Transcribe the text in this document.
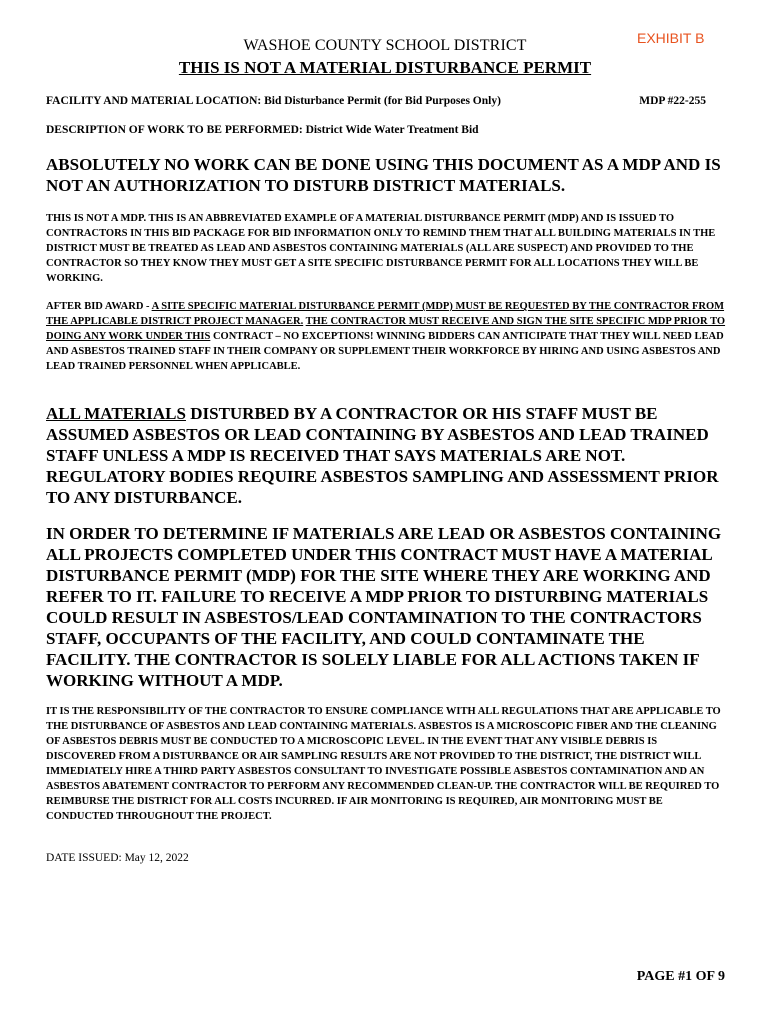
EXHIBIT B
WASHOE COUNTY SCHOOL DISTRICT
THIS IS NOT A MATERIAL DISTURBANCE PERMIT
FACILITY AND MATERIAL LOCATION: Bid Disturbance Permit (for Bid Purposes Only)	MDP #22-255
DESCRIPTION OF WORK TO BE PERFORMED: District Wide Water Treatment Bid
ABSOLUTELY NO WORK CAN BE DONE USING THIS DOCUMENT AS A MDP AND IS NOT AN AUTHORIZATION TO DISTURB DISTRICT MATERIALS.
THIS IS NOT A MDP. THIS IS AN ABBREVIATED EXAMPLE OF A MATERIAL DISTURBANCE PERMIT (MDP) AND IS ISSUED TO CONTRACTORS IN THIS BID PACKAGE FOR BID INFORMATION ONLY TO REMIND THEM THAT ALL BUILDING MATERIALS IN THE DISTRICT MUST BE TREATED AS LEAD AND ASBESTOS CONTAINING MATERIALS (ALL ARE SUSPECT) AND PROVIDED TO THE CONTRACTOR SO THEY KNOW THEY MUST GET A SITE SPECIFIC DISTURBANCE PERMIT FOR ALL LOCATIONS THEY WILL BE WORKING.
AFTER BID AWARD - A SITE SPECIFIC MATERIAL DISTURBANCE PERMIT (MDP) MUST BE REQUESTED BY THE CONTRACTOR FROM THE APPLICABLE DISTRICT PROJECT MANAGER. THE CONTRACTOR MUST RECEIVE AND SIGN THE SITE SPECIFIC MDP PRIOR TO DOING ANY WORK UNDER THIS CONTRACT – NO EXCEPTIONS! WINNING BIDDERS CAN ANTICIPATE THAT THEY WILL NEED LEAD AND ASBESTOS TRAINED STAFF IN THEIR COMPANY OR SUPPLEMENT THEIR WORKFORCE BY HIRING AND USING ASBESTOS AND LEAD TRAINED PERSONNEL WHEN APPLICABLE.
ALL MATERIALS DISTURBED BY A CONTRACTOR OR HIS STAFF MUST BE ASSUMED ASBESTOS OR LEAD CONTAINING BY ASBESTOS AND LEAD TRAINED STAFF UNLESS A MDP IS RECEIVED THAT SAYS MATERIALS ARE NOT. REGULATORY BODIES REQUIRE ASBESTOS SAMPLING AND ASSESSMENT PRIOR TO ANY DISTURBANCE.
IN ORDER TO DETERMINE IF MATERIALS ARE LEAD OR ASBESTOS CONTAINING ALL PROJECTS COMPLETED UNDER THIS CONTRACT MUST HAVE A MATERIAL DISTURBANCE PERMIT (MDP) FOR THE SITE WHERE THEY ARE WORKING AND REFER TO IT. FAILURE TO RECEIVE A MDP PRIOR TO DISTURBING MATERIALS COULD RESULT IN ASBESTOS/LEAD CONTAMINATION TO THE CONTRACTORS STAFF, OCCUPANTS OF THE FACILITY, AND COULD CONTAMINATE THE FACILITY. THE CONTRACTOR IS SOLELY LIABLE FOR ALL ACTIONS TAKEN IF WORKING WITHOUT A MDP.
IT IS THE RESPONSIBILITY OF THE CONTRACTOR TO ENSURE COMPLIANCE WITH ALL REGULATIONS THAT ARE APPLICABLE TO THE DISTURBANCE OF ASBESTOS AND LEAD CONTAINING MATERIALS. ASBESTOS IS A MICROSCOPIC FIBER AND THE CLEANING OF ASBESTOS DEBRIS MUST BE CONDUCTED TO A MICROSCOPIC LEVEL. IN THE EVENT THAT ANY VISIBLE DEBRIS IS DISCOVERED FROM A DISTURBANCE OR AIR SAMPLING RESULTS ARE NOT PROVIDED TO THE DISTRICT, THE DISTRICT WILL IMMEDIATELY HIRE A THIRD PARTY ASBESTOS CONSULTANT TO INVESTIGATE POSSIBLE ASBESTOS CONTAMINATION AND AN ASBESTOS ABATEMENT CONTRACTOR TO PERFORM ANY RECOMMENDED CLEAN-UP. THE CONTRACTOR WILL BE REQUIRED TO REIMBURSE THE DISTRICT FOR ALL COSTS INCURRED. IF AIR MONITORING IS REQUIRED, AIR MONITORING MUST BE CONDUCTED THROUGHOUT THE PROJECT.
DATE ISSUED: May 12, 2022
PAGE #1 OF 9
